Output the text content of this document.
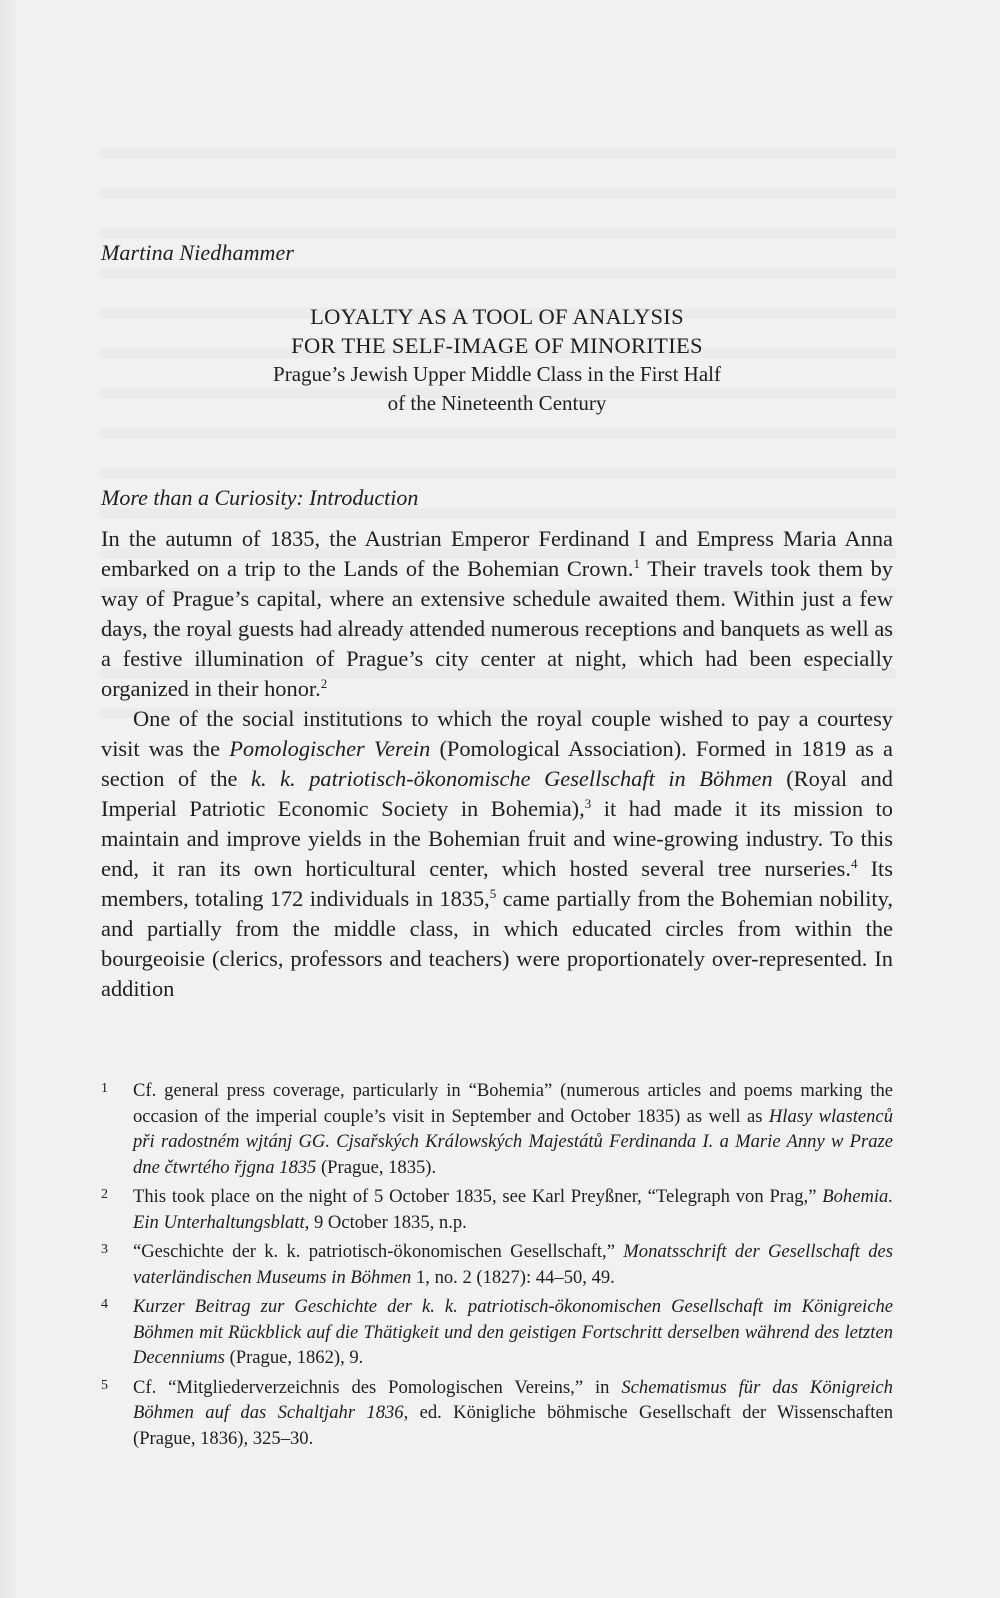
Martina Niedhammer
LOYALTY AS A TOOL OF ANALYSIS
FOR THE SELF-IMAGE OF MINORITIES
Prague’s Jewish Upper Middle Class in the First Half
of the Nineteenth Century
More than a Curiosity: Introduction

In the autumn of 1835, the Austrian Emperor Ferdinand I and Empress Maria Anna embarked on a trip to the Lands of the Bohemian Crown.$^1$ Their travels took them by way of Prague’s capital, where an extensive schedule awaited them. Within just a few days, the royal guests had already attended numerous receptions and banquets as well as a festive illumination of Prague’s city center at night, which had been especially organized in their honor.$^2$

One of the social institutions to which the royal couple wished to pay a courtesy visit was the Pomologischer Verein (Pomological Association). Formed in 1819 as a section of the k. k. patriotisch-ökonomische Gesellschaft in Böhmen (Royal and Imperial Patriotic Economic Society in Bohemia),$^3$ it had made it its mission to maintain and improve yields in the Bohemian fruit and wine-growing industry. To this end, it ran its own horticultural center, which hosted several tree nurseries.$^4$ Its members, totaling 172 individuals in 1835,$^5$ came partially from the Bohemian nobility, and partially from the middle class, in which educated circles from within the bourgeoisie (clerics, professors and teachers) were proportionately over-represented. In addition

1 Cf. general press coverage, particularly in “Bohemia” (numerous articles and poems marking the occasion of the imperial couple’s visit in September and October 1835) as well as Hlasy wlastenců při radostném wjtánj GG. Cjsařských Králowských Majestátů Ferdinanda I. a Marie Anny w Praze dne čtwrtého řjgna 1835 (Prague, 1835).
2 This took place on the night of 5 October 1835, see Karl Preyßner, “Telegraph von Prag,” Bohemia. Ein Unterhaltungsblatt, 9 October 1835, n.p.
3 “Geschichte der k. k. patriotisch-ökonomischen Gesellschaft,” Monatsschrift der Gesellschaft des vaterländischen Museums in Böhmen 1, no. 2 (1827): 44–50, 49.
4 Kurzer Beitrag zur Geschichte der k. k. patriotisch-ökonomischen Gesellschaft im Königreiche Böhmen mit Rückblick auf die Thätigkeit und den geistigen Fortschritt derselben während des letzten Decenniums (Prague, 1862), 9.
5 Cf. “Mitgliederverzeichnis des Pomologischen Vereins,” in Schematismus für das Königreich Böhmen auf das Schaltjahr 1836, ed. Königliche böhmische Gesellschaft der Wissenschaften (Prague, 1836), 325–30.
